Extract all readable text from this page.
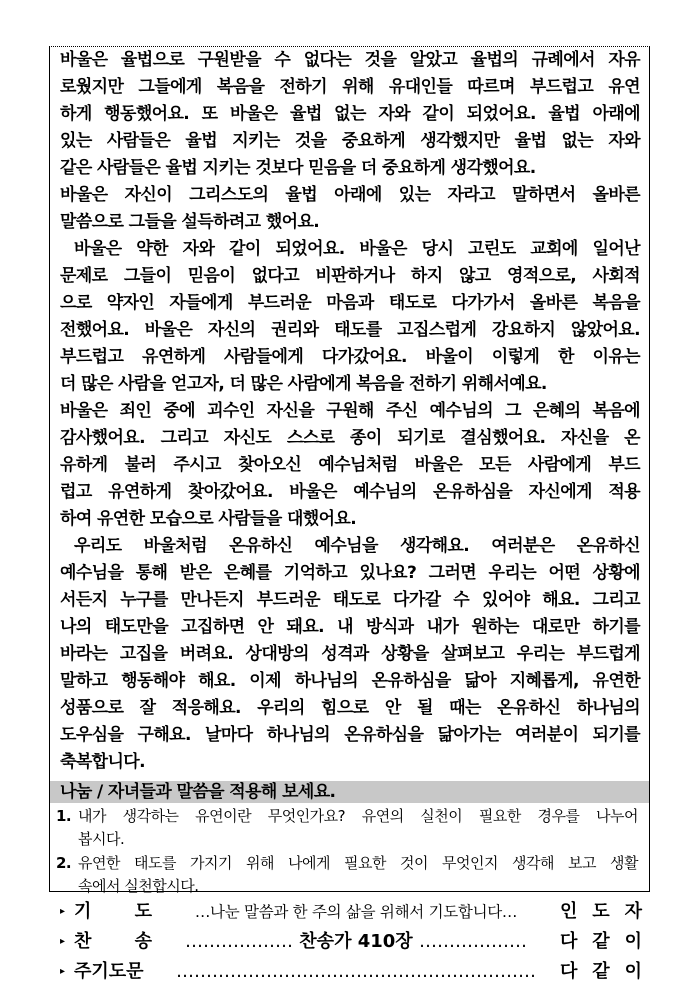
바울은 율법으로 구원받을 수 없다는 것을 알았고 율법의 규례에서 자유
로웠지만 그들에게 복음을 전하기 위해 유대인들 따르며 부드럽고 유연
하게 행동했어요. 또 바울은 율법 없는 자와 같이 되었어요. 율법 아래에
있는 사람들은 율법 지키는 것을 중요하게 생각했지만 율법 없는 자와
같은 사람들은 율법 지키는 것보다 믿음을 더 중요하게 생각했어요.
바울은 자신이 그리스도의 율법 아래에 있는 자라고 말하면서 올바른
말씀으로 그들을 설득하려고 했어요.
바울은 약한 자와 같이 되었어요. 바울은 당시 고린도 교회에 일어난
문제로 그들이 믿음이 없다고 비판하거나 하지 않고 영적으로, 사회적
으로 약자인 자들에게 부드러운 마음과 태도로 다가가서 올바른 복음을
전했어요. 바울은 자신의 권리와 태도를 고집스럽게 강요하지 않았어요.
부드럽고 유연하게 사람들에게 다가갔어요. 바울이 이렇게 한 이유는
더 많은 사람을 얻고자, 더 많은 사람에게 복음을 전하기 위해서예요.
바울은 죄인 중에 괴수인 자신을 구원해 주신 예수님의 그 은혜의 복음에
감사했어요. 그리고 자신도 스스로 종이 되기로 결심했어요. 자신을 온
유하게 불러 주시고 찾아오신 예수님처럼 바울은 모든 사람에게 부드
럽고 유연하게 찾아갔어요. 바울은 예수님의 온유하심을 자신에게 적용
하여 유연한 모습으로 사람들을 대했어요.
우리도 바울처럼 온유하신 예수님을 생각해요. 여러분은 온유하신
예수님을 통해 받은 은혜를 기억하고 있나요? 그러면 우리는 어떤 상황에
서든지 누구를 만나든지 부드러운 태도로 다가갈 수 있어야 해요. 그리고
나의 태도만을 고집하면 안 돼요. 내 방식과 내가 원하는 대로만 하기를
바라는 고집을 버려요. 상대방의 성격과 상황을 살펴보고 우리는 부드럽게
말하고 행동해야 해요. 이제 하나님의 온유하심을 닮아 지혜롭게, 유연한
성품으로 잘 적응해요. 우리의 힘으로 안 될 때는 온유하신 하나님의
도우심을 구해요. 날마다 하나님의 온유하심을 닮아가는 여러분이 되기를
축복합니다.
나눔 / 자녀들과 말씀을 적용해 보세요.
1. 내가 생각하는 유연이란 무엇인가요? 유연의 실천이 필요한 경우를 나누어
봅시다.
2. 유연한 태도를 가지기 위해 나에게 필요한 것이 무엇인지 생각해 보고 생활
속에서 실천합시다.
▸ 기 도	…나눈 말씀과 한 주의 삶을 위해서 기도합니다…	인 도 자
▸ 찬 송	……………… 찬송가 410장 ………………	다 같 이
▸ 주기도문	……………………………………………………	다 같 이
